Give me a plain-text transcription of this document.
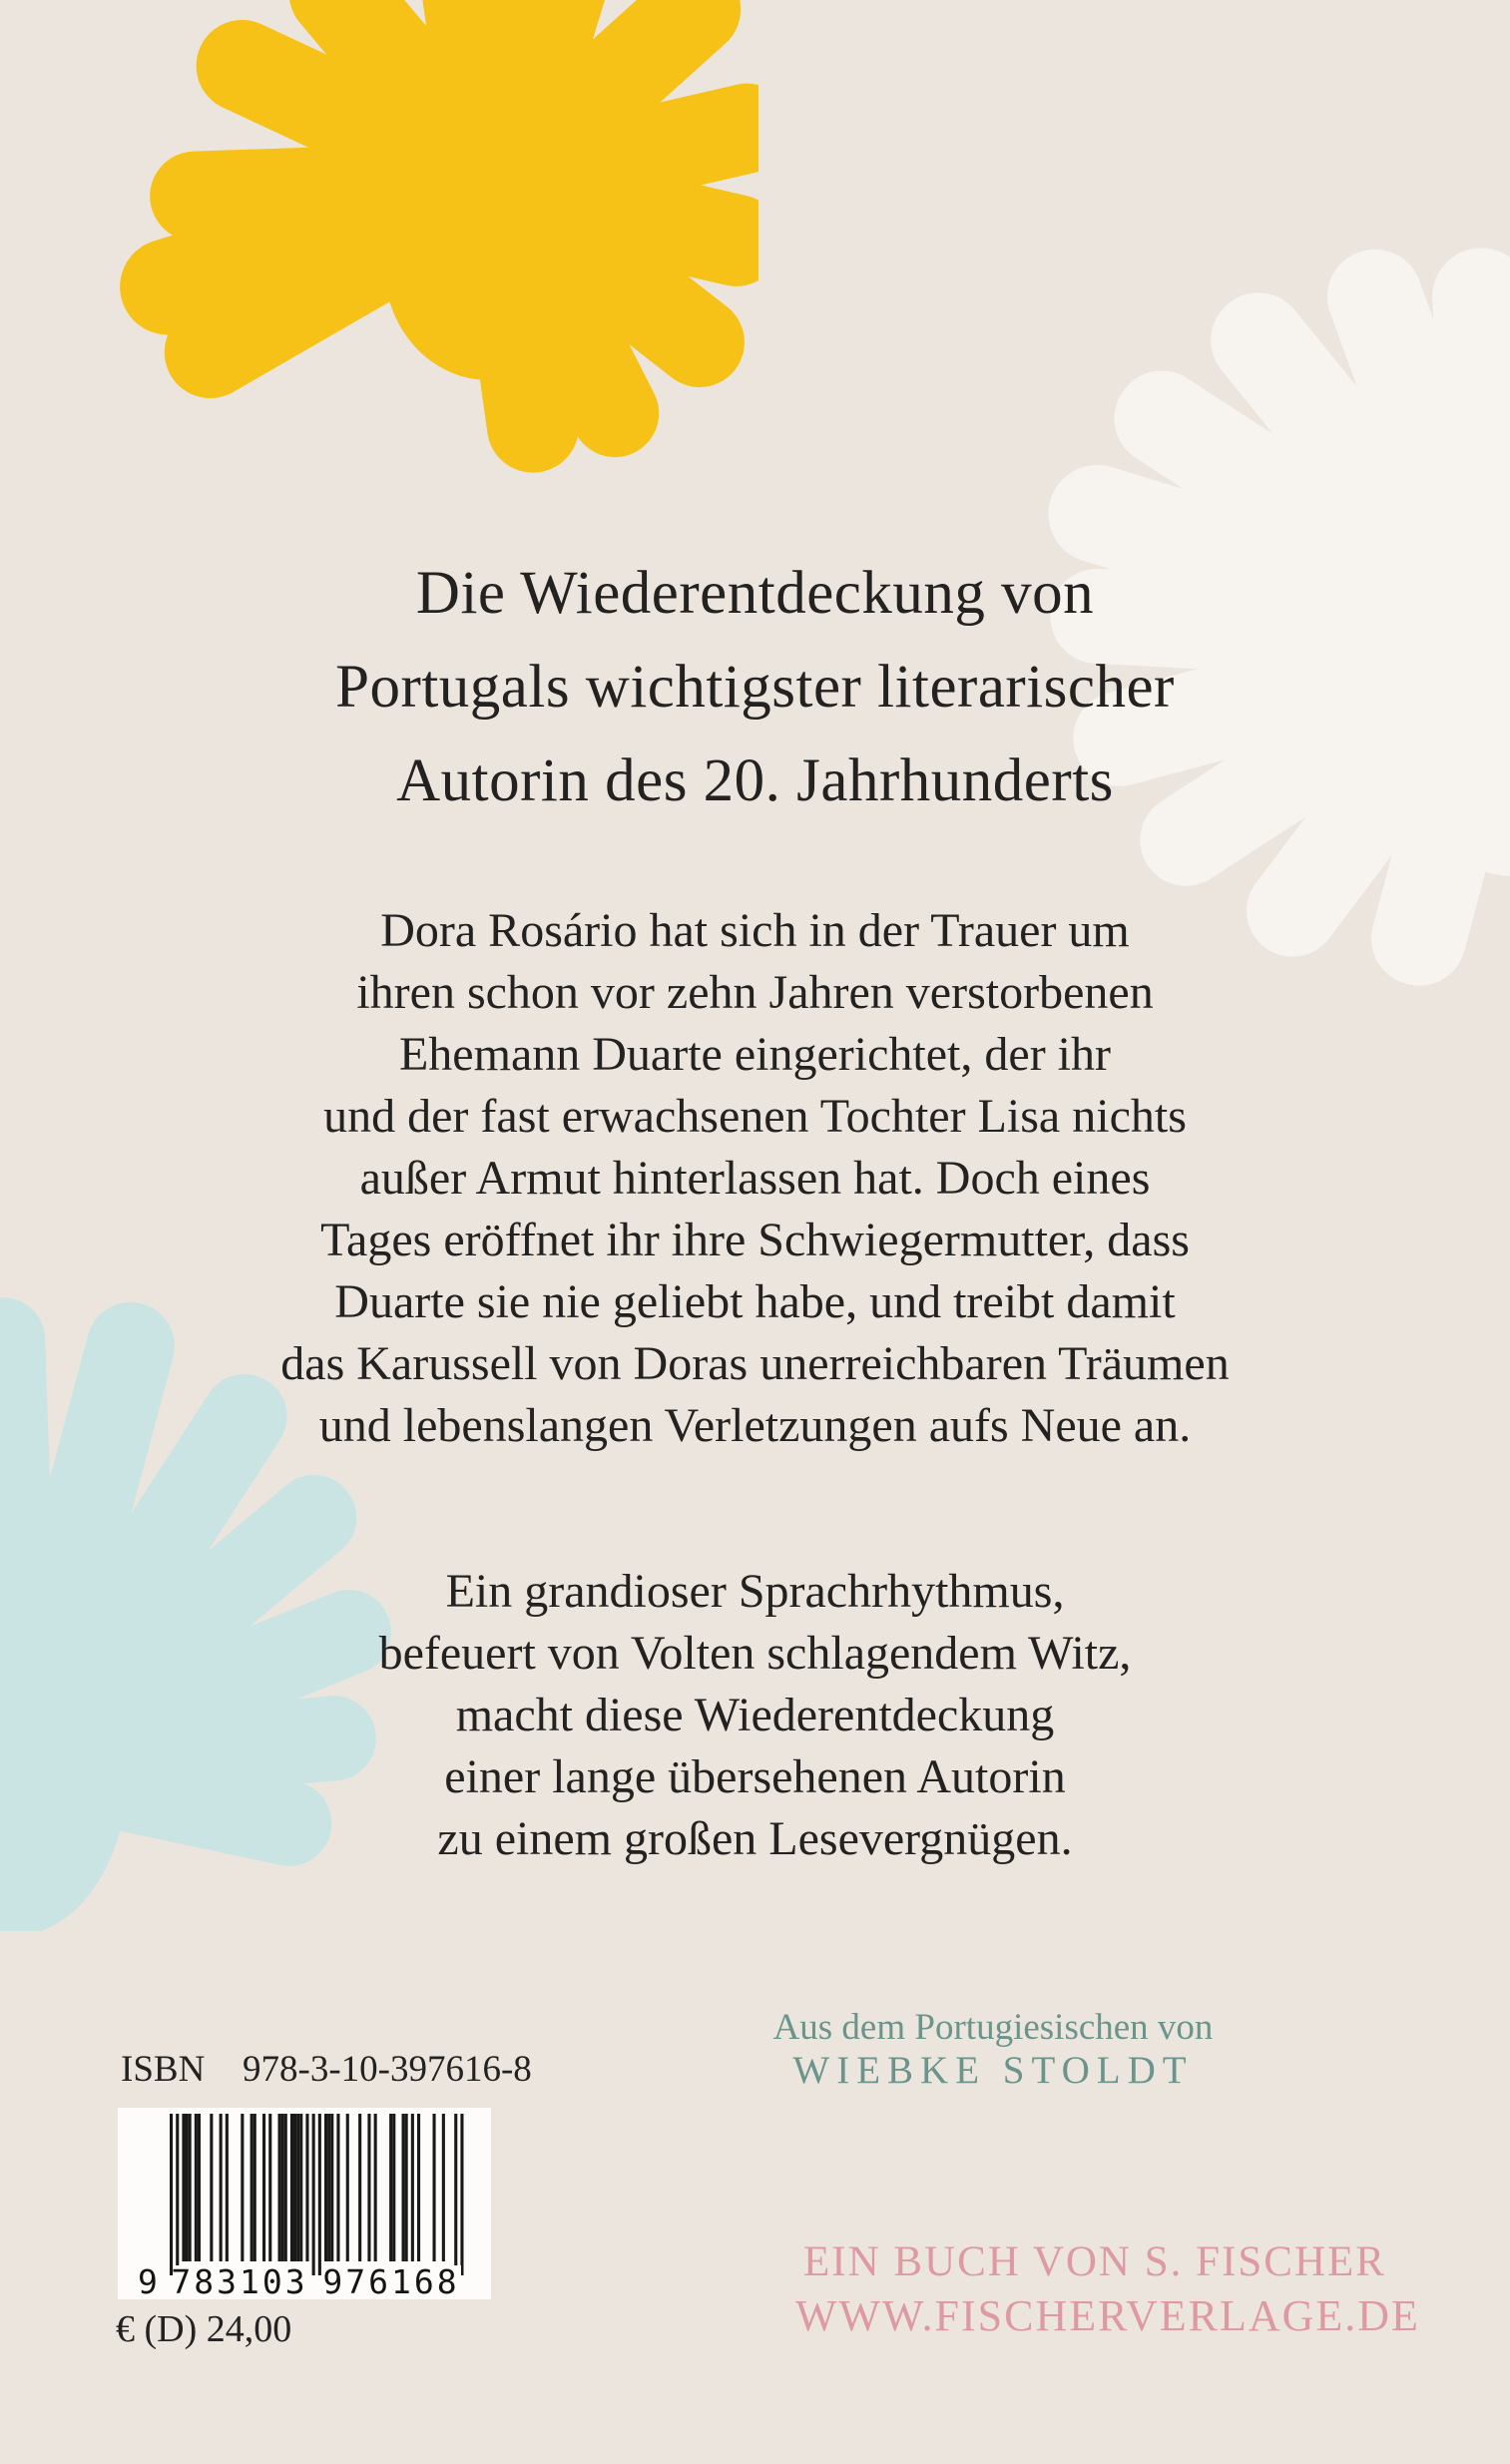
Die Wiederentdeckung von
Portugals wichtigster literarischer
Autorin des 20. Jahrhunderts
Dora Rosário hat sich in der Trauer um
ihren schon vor zehn Jahren verstorbenen
Ehemann Duarte eingerichtet, der ihr
und der fast erwachsenen Tochter Lisa nichts
außer Armut hinterlassen hat. Doch eines
Tages eröffnet ihr ihre Schwiegermutter, dass
Duarte sie nie geliebt habe, und treibt damit
das Karussell von Doras unerreichbaren Träumen
und lebenslangen Verletzungen aufs Neue an.
Ein grandioser Sprachrhythmus,
befeuert von Volten schlagendem Witz,
macht diese Wiederentdeckung
einer lange übersehenen Autorin
zu einem großen Lesevergnügen.
Aus dem Portugiesischen von
WIEBKE STOLDT
ISBN 978-3-10-397616-8
9 783103 976168
€ (D) 24,00
EIN BUCH VON S. FISCHER
WWW.FISCHERVERLAGE.DE
